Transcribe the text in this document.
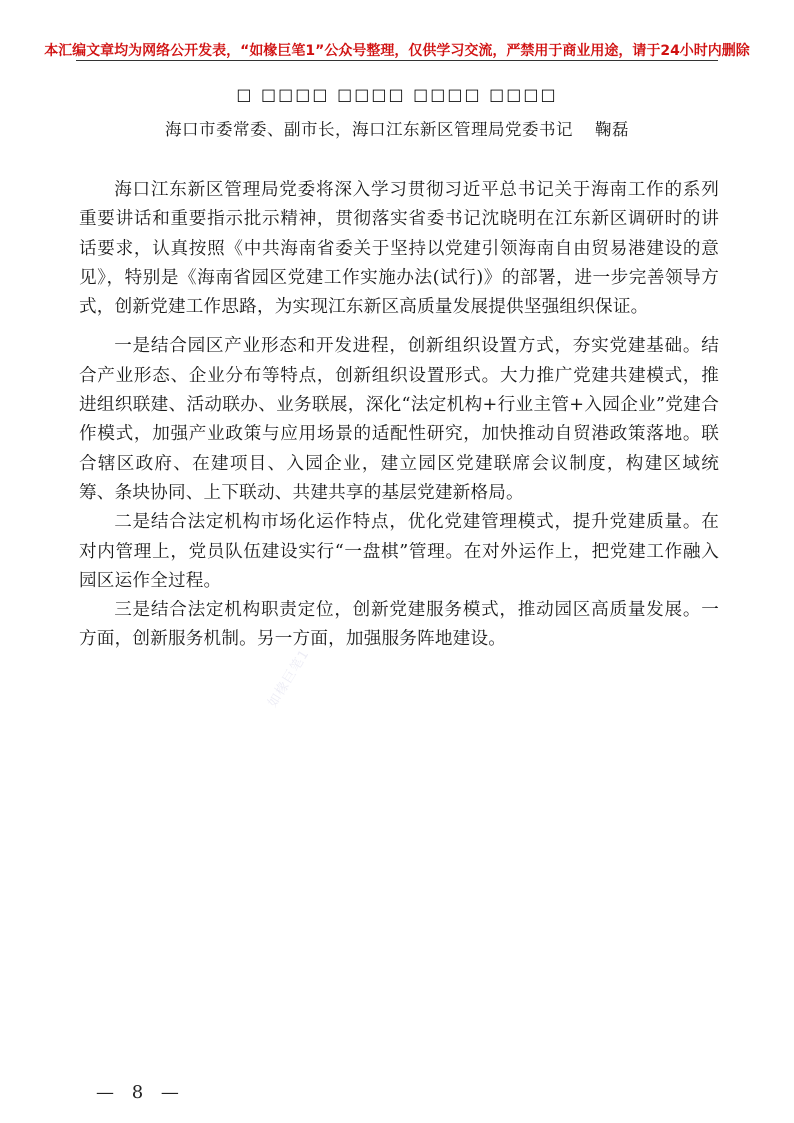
本汇编文章均为网络公开发表，“如椽巨笔1”公众号整理，仅供学习交流，严禁用于商业用途，请于24小时内删除
□ □□□□ □□□□ □□□□ □□□□
海口市委常委、副市长，海口江东新区管理局党委书记 鞠磊

海口江东新区管理局党委将深入学习贯彻习近平总书记关于海南工作的系列重要讲话和重要指示批示精神，贯彻落实省委书记沈晓明在江东新区调研时的讲话要求，认真按照《中共海南省委关于坚持以党建引领海南自由贸易港建设的意见》，特别是《海南省园区党建工作实施办法(试行)》的部署，进一步完善领导方式，创新党建工作思路，为实现江东新区高质量发展提供坚强组织保证。

一是结合园区产业形态和开发进程，创新组织设置方式，夯实党建基础。结合产业形态、企业分布等特点，创新组织设置形式。大力推广党建共建模式，推进组织联建、活动联办、业务联展，深化“法定机构+行业主管+入园企业”党建合作模式，加强产业政策与应用场景的适配性研究，加快推动自贸港政策落地。联合辖区政府、在建项目、入园企业，建立园区党建联席会议制度，构建区域统筹、条块协同、上下联动、共建共享的基层党建新格局。

二是结合法定机构市场化运作特点，优化党建管理模式，提升党建质量。在对内管理上，党员队伍建设实行“一盘棋”管理。在对外运作上，把党建工作融入园区运作全过程。

三是结合法定机构职责定位，创新党建服务模式，推动园区高质量发展。一方面，创新服务机制。另一方面，加强服务阵地建设。

如椽巨笔1
— 8 —
